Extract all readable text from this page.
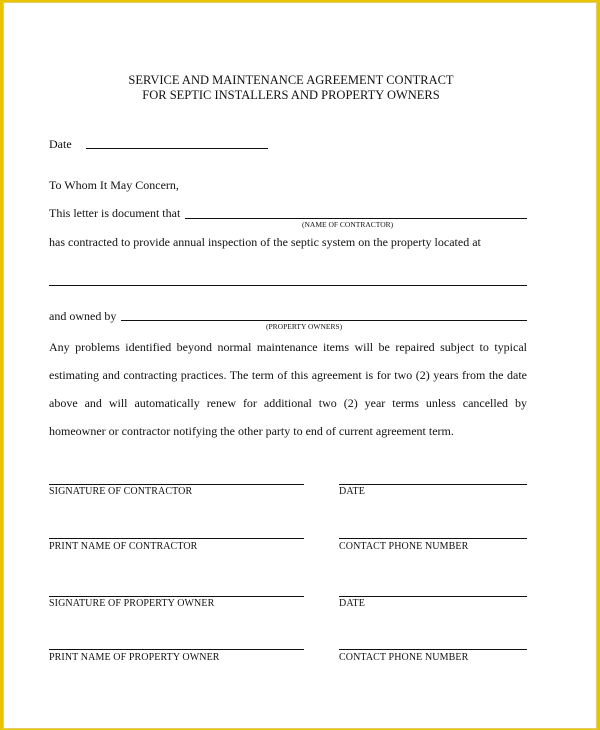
SERVICE AND MAINTENANCE AGREEMENT CONTRACT
FOR SEPTIC INSTALLERS AND PROPERTY OWNERS
Date
To Whom It May Concern,
This letter is document that
(NAME OF CONTRACTOR)
has contracted to provide annual inspection of the septic system on the property located at
and owned by
(PROPERTY OWNERS)
Any problems identified beyond normal maintenance items will be repaired subject to typical
estimating and contracting practices. The term of this agreement is for two (2) years from the date
above and will automatically renew for additional two (2) year terms unless cancelled by
homeowner or contractor notifying the other party to end of current agreement term.
SIGNATURE OF CONTRACTOR	DATE
PRINT NAME OF CONTRACTOR	CONTACT PHONE NUMBER
SIGNATURE OF PROPERTY OWNER	DATE
PRINT NAME OF PROPERTY OWNER	CONTACT PHONE NUMBER
